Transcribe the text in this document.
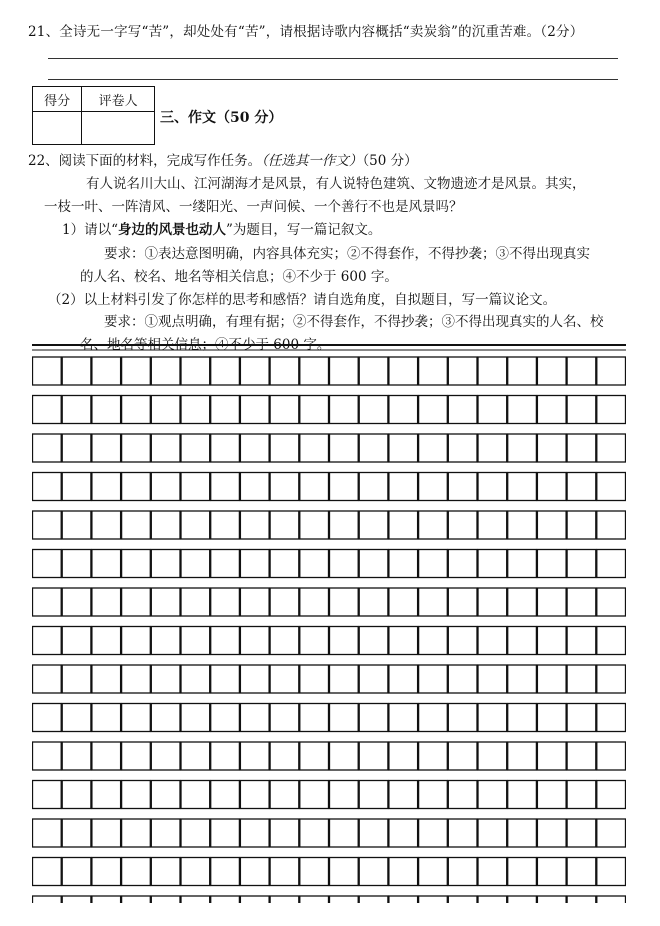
21、全诗无一字写“苦”，却处处有“苦”，请根据诗歌内容概括“卖炭翁”的沉重苦难。（2分）
得分	评卷人

三、作文（50 分）
22、阅读下面的材料，完成写作任务。（任选其一作文）（50 分）
有人说名川大山、江河湖海才是风景，有人说特色建筑、文物遗迹才是风景。其实，
一枝一叶、一阵清风、一缕阳光、一声问候、一个善行不也是风景吗？
1）请以“身边的风景也动人”为题目，写一篇记叙文。
要求：①表达意图明确，内容具体充实；②不得套作，不得抄袭；③不得出现真实
的人名、校名、地名等相关信息；④不少于 600 字。
（2）以上材料引发了你怎样的思考和感悟？请自选角度，自拟题目，写一篇议论文。
要求：①观点明确，有理有据；②不得套作，不得抄袭；③不得出现真实的人名、校
名、地名等相关信息；④不少于 600 字。
